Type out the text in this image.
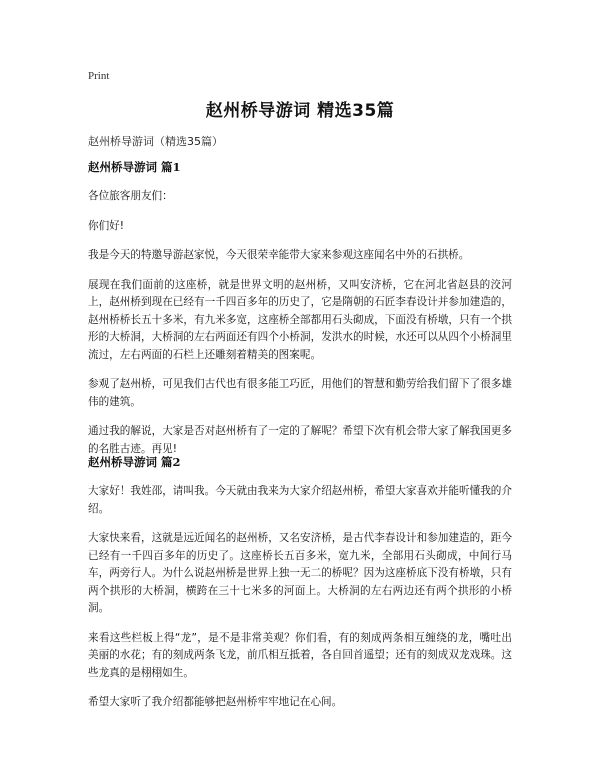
Print
赵州桥导游词 精选35篇
赵州桥导游词（精选35篇）
赵州桥导游词 篇1

各位旅客朋友们：

你们好!

我是今天的特邀导游赵家悦，今天很荣幸能带大家来参观这座闻名中外的石拱桥。

展现在我们面前的这座桥，就是世界文明的赵州桥，又叫安济桥，它在河北省赵县的洨河上，赵州桥到现在已经有一千四百多年的历史了，它是隋朝的石匠李春设计并参加建造的，赵州桥桥长五十多米，有九米多宽，这座桥全部都用石头砌成，下面没有桥墩，只有一个拱形的大桥洞，大桥洞的左右两面还有四个小桥洞，发洪水的时候，水还可以从四个小桥洞里流过，左右两面的石栏上还雕刻着精美的图案呢。

参观了赵州桥，可见我们古代也有很多能工巧匠，用他们的智慧和勤劳给我们留下了很多雄伟的建筑。

通过我的解说，大家是否对赵州桥有了一定的了解呢？希望下次有机会带大家了解我国更多的名胜古迹。再见!

赵州桥导游词 篇2

大家好！我姓邵，请叫我。今天就由我来为大家介绍赵州桥，希望大家喜欢并能听懂我的介绍。

大家快来看，这就是远近闻名的赵州桥，又名安济桥，是古代李春设计和参加建造的，距今已经有一千四百多年的历史了。这座桥长五百多米，宽九米，全部用石头砌成，中间行马车，两旁行人。为什么说赵州桥是世界上独一无二的桥呢？因为这座桥底下没有桥墩，只有两个拱形的大桥洞，横跨在三十七米多的河面上。大桥洞的左右两边还有两个拱形的小桥洞。

来看这些栏板上得“龙”，是不是非常美观？你们看，有的刻成两条相互缠绕的龙，嘴吐出美丽的水花；有的刻成两条飞龙，前爪相互抵着，各自回首遥望；还有的刻成双龙戏珠。这些龙真的是栩栩如生。

希望大家听了我介绍都能够把赵州桥牢牢地记在心间。
